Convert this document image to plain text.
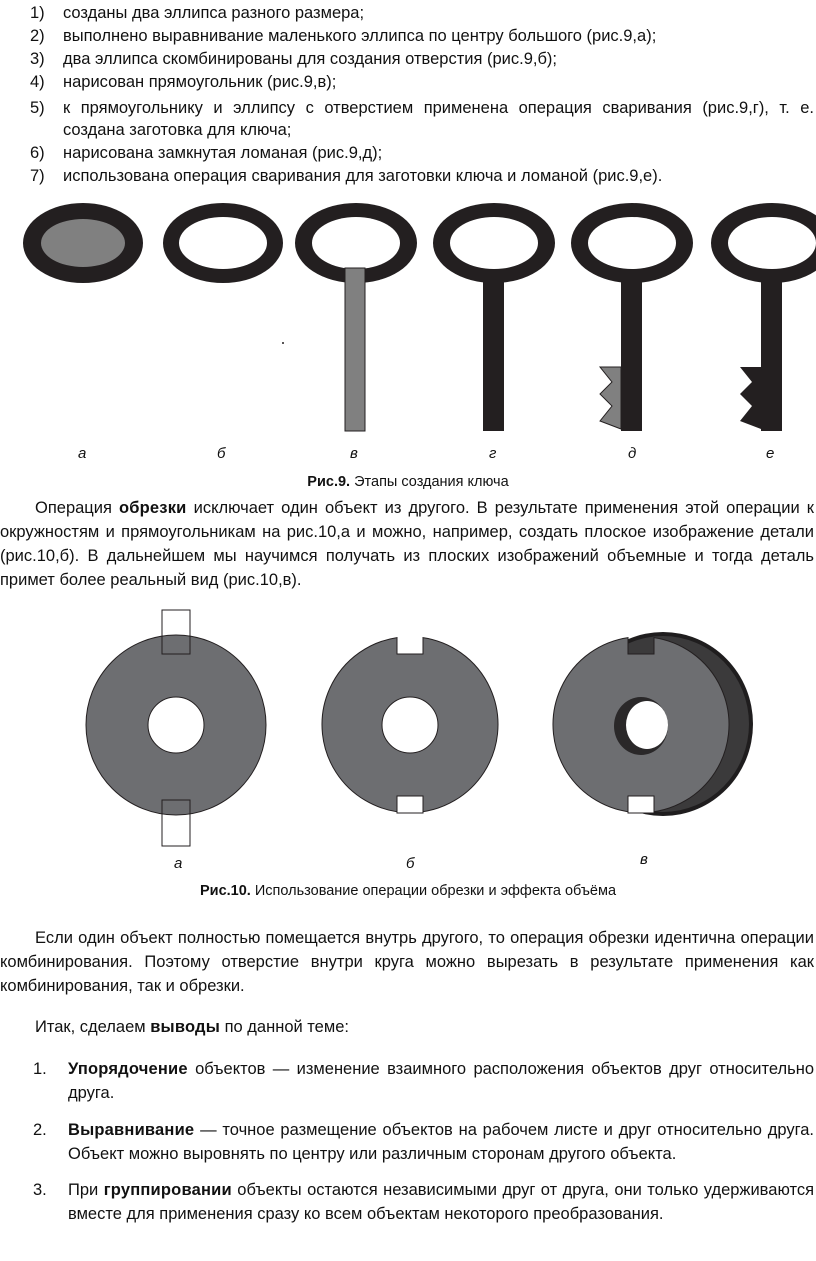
1) созданы два эллипса разного размера;
2) выполнено выравнивание маленького эллипса по центру большого (рис.9,а);
3) два эллипса скомбинированы для создания отверстия (рис.9,б);
4) нарисован прямоугольник (рис.9,в);
5) к прямоугольнику и эллипсу с отверстием применена операция сваривания (рис.9,г), т. е. создана заготовка для ключа;
6) нарисована замкнутая ломаная (рис.9,д);
7) использована операция сваривания для заготовки ключа и ломаной (рис.9,е).
а	б	в	г	д	е
Рис.9. Этапы создания ключа
Операция обрезки исключает один объект из другого. В результате применения этой операции к окружностям и прямоугольникам на рис.10,а и можно, например, создать плоское изображение детали (рис.10,б). В дальнейшем мы научимся получать из плоских изображений объемные и тогда деталь примет более реальный вид (рис.10,в).
а	б	в
Рис.10. Использование операции обрезки и эффекта объёма
Если один объект полностью помещается внутрь другого, то операция обрезки идентична операции комбинирования. Поэтому отверстие внутри круга можно вырезать в результате применения как комбинирования, так и обрезки.
Итак, сделаем выводы по данной теме:
1. Упорядочение объектов — изменение взаимного расположения объектов друг относительно друга.
2. Выравнивание — точное размещение объектов на рабочем листе и друг относительно друга. Объект можно выровнять по центру или различным сторонам другого объекта.
3. При группировании объекты остаются независимыми друг от друга, они только удерживаются вместе для применения сразу ко всем объектам некоторого преобразования.
